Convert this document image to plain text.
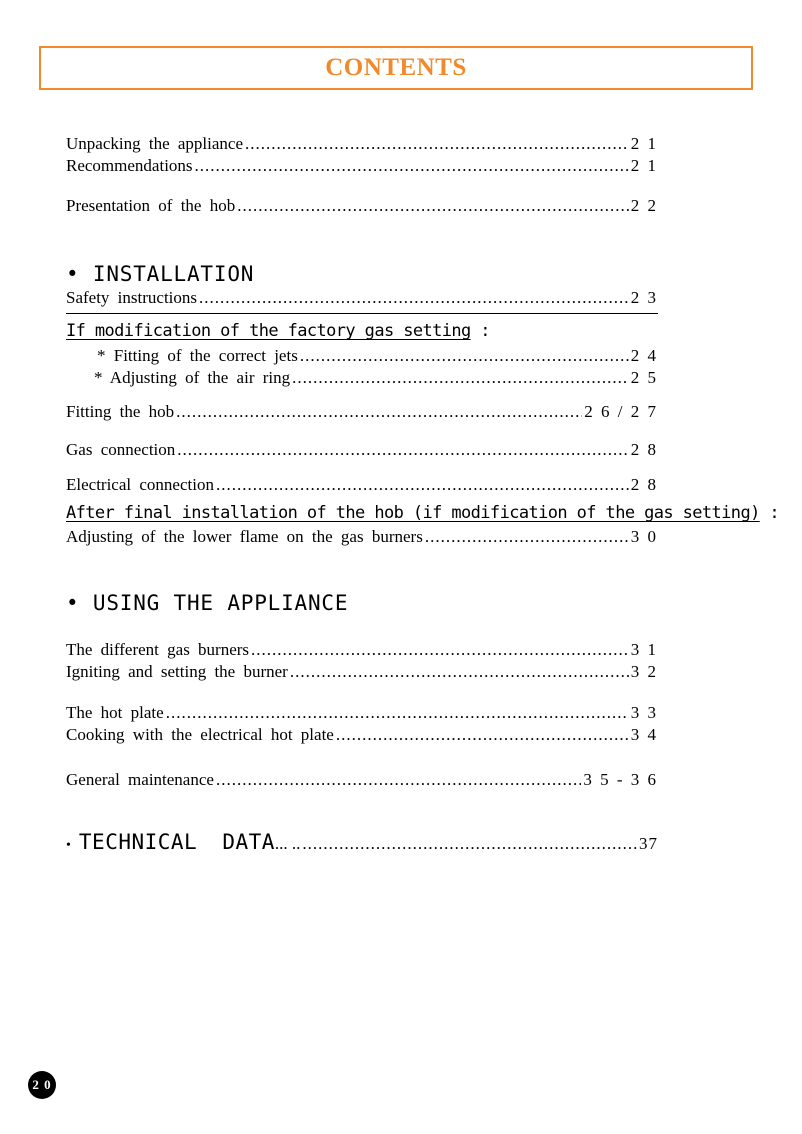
CONTENTS
Unpacking the appliance .....	2 1
Recommendations .....	2 1
Presentation of the hob .....	2 2
• INSTALLATION
Safety instructions .....	2 3
If modification of the factory gas setting :
* Fitting of the correct jets .....	2 4
* Adjusting of the air ring .....	2 5
Fitting the hob .....	2 6 / 2 7
Gas connection .....	2 8
Electrical connection .....	2 8
After final installation of the hob (if modification of the gas setting) :
Adjusting of the lower flame on the gas burners .....	3 0
• USING THE APPLIANCE
The different gas burners .....	3 1
Igniting and setting the burner .....	3 2
The hot plate .....	3 3
Cooking with the electrical hot plate .....	3 4
General maintenance .....	3 5 - 3 6
• TECHNICAL DATA ... .. .....	37
2 0
